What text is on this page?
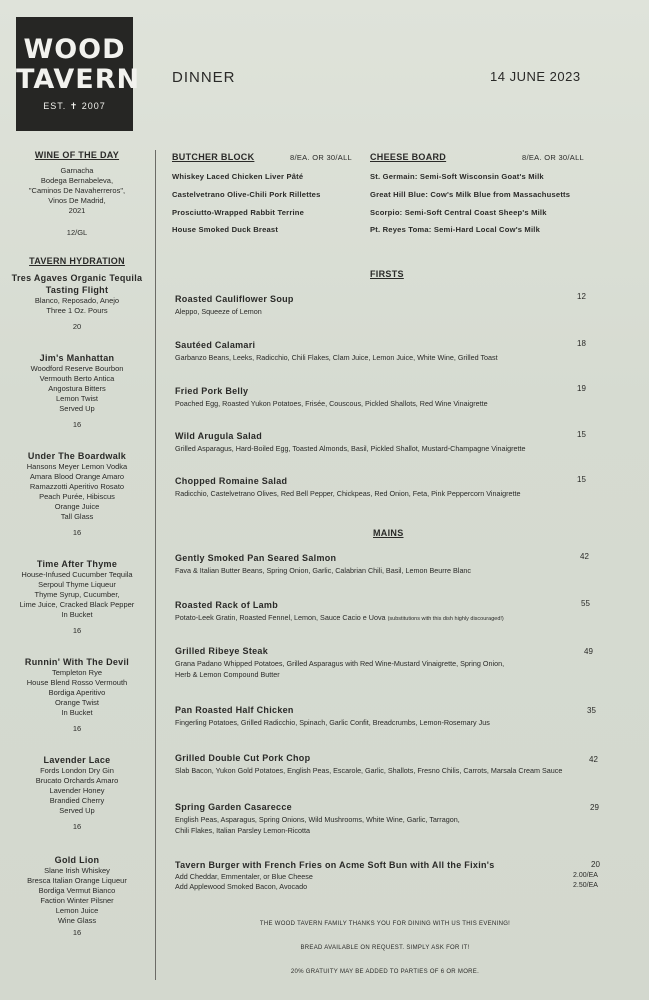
WOOD
TAVERN
EST. ✝ 2007
DINNER	14 JUNE 2023
WINE OF THE DAY
Garnacha
Bodega Bernabeleva,
"Caminos De Navaherreros",
Vinos De Madrid,
2021
12/GL
TAVERN HYDRATION
Tres Agaves Organic Tequila Tasting Flight
Blanco, Reposado, Anejo
Three 1 Oz. Pours
20
Jim's Manhattan
Woodford Reserve Bourbon
Vermouth Berto Antica
Angostura Bitters
Lemon Twist
Served Up
16
Under The Boardwalk
Hansons Meyer Lemon Vodka
Amara Blood Orange Amaro
Ramazzotti Aperitivo Rosato
Peach Purée, Hibiscus
Orange Juice
Tall Glass
16
Time After Thyme
House-Infused Cucumber Tequila
Serpoul Thyme Liqueur
Thyme Syrup, Cucumber,
Lime Juice, Cracked Black Pepper
In Bucket
16
Runnin' With The Devil
Templeton Rye
House Blend Rosso Vermouth
Bordiga Aperitivo
Orange Twist
In Bucket
16
Lavender Lace
Fords London Dry Gin
Brucato Orchards Amaro
Lavender Honey
Brandied Cherry
Served Up
16
Gold Lion
Slane Irish Whiskey
Bresca Italian Orange Liqueur
Bordiga Vermut Bianco
Faction Winter Pilsner
Lemon Juice
Wine Glass
16
BUTCHER BLOCK	8/EA. OR 30/ALL
Whiskey Laced Chicken Liver Pâté
Castelvetrano Olive-Chili Pork Rillettes
Prosciutto-Wrapped Rabbit Terrine
House Smoked Duck Breast
CHEESE BOARD	8/EA. OR 30/ALL
St. Germain: Semi-Soft Wisconsin Goat's Milk
Great Hill Blue: Cow's Milk Blue from Massachusetts
Scorpio: Semi-Soft Central Coast Sheep's Milk
Pt. Reyes Toma: Semi-Hard Local Cow's Milk
FIRSTS
Roasted Cauliflower Soup
Aleppo, Squeeze of Lemon
12
Sautéed Calamari
Garbanzo Beans, Leeks, Radicchio, Chili Flakes, Clam Juice, Lemon Juice, White Wine, Grilled Toast
18
Fried Pork Belly
Poached Egg, Roasted Yukon Potatoes, Frisée, Couscous, Pickled Shallots, Red Wine Vinaigrette
19
Wild Arugula Salad
Grilled Asparagus, Hard-Boiled Egg, Toasted Almonds, Basil, Pickled Shallot, Mustard-Champagne Vinaigrette
15
Chopped Romaine Salad
Radicchio, Castelvetrano Olives, Red Bell Pepper, Chickpeas, Red Onion, Feta, Pink Peppercorn Vinaigrette
15
MAINS
Gently Smoked Pan Seared Salmon
Fava & Italian Butter Beans, Spring Onion, Garlic, Calabrian Chili, Basil, Lemon Beurre Blanc
42
Roasted Rack of Lamb
Potato-Leek Gratin, Roasted Fennel, Lemon, Sauce Cacio e Uova (substitutions with this dish highly discouraged!)
55
Grilled Ribeye Steak
Grana Padano Whipped Potatoes, Grilled Asparagus with Red Wine-Mustard Vinaigrette, Spring Onion,
Herb & Lemon Compound Butter
49
Pan Roasted Half Chicken
Fingerling Potatoes, Grilled Radicchio, Spinach, Garlic Confit, Breadcrumbs, Lemon-Rosemary Jus
35
Grilled Double Cut Pork Chop
Slab Bacon, Yukon Gold Potatoes, English Peas, Escarole, Garlic, Shallots, Fresno Chilis, Carrots, Marsala Cream Sauce
42
Spring Garden Casarecce
English Peas, Asparagus, Spring Onions, Wild Mushrooms, White Wine, Garlic, Tarragon,
Chili Flakes, Italian Parsley Lemon-Ricotta
29
Tavern Burger with French Fries on Acme Soft Bun with All the Fixin's
Add Cheddar, Emmentaler, or Blue Cheese
Add Applewood Smoked Bacon, Avocado
20
2.00/EA
2.50/EA
THE WOOD TAVERN FAMILY THANKS YOU FOR DINING WITH US THIS EVENING!
BREAD AVAILABLE ON REQUEST. SIMPLY ASK FOR IT!
20% GRATUITY MAY BE ADDED TO PARTIES OF 6 OR MORE.
